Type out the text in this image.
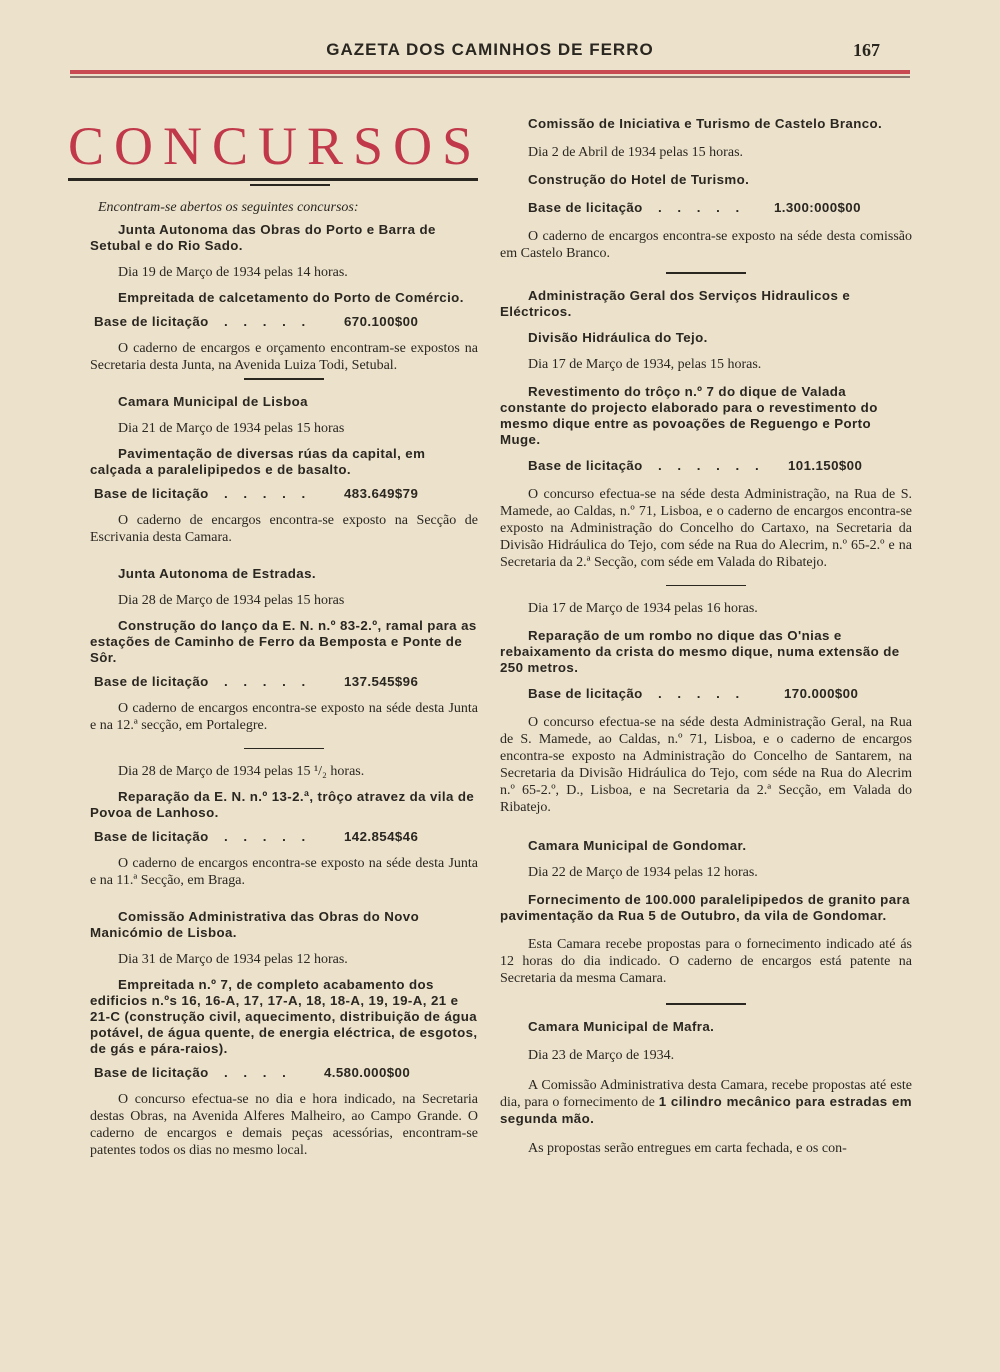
GAZETA DOS CAMINHOS DE FERRO	167
CONCURSOS

Encontram-se abertos os seguintes concursos:

Junta Autonoma das Obras do Porto e Barra de Setubal e do Rio Sado.

Dia 19 de Março de 1934 pelas 14 horas.

Empreitada de calcetamento do Porto de Comércio.

Base de licitação	. . . . .	670.100$00

O caderno de encargos e orçamento encontram-se expostos na Secretaria desta Junta, na Avenida Luiza Todi, Setubal.

Camara Municipal de Lisboa

Dia 21 de Março de 1934 pelas 15 horas

Pavimentação de diversas rúas da capital, em calçada a paralelipipedos e de basalto.

Base de licitação	. . . . .	483.649$79

O caderno de encargos encontra-se exposto na Secção de Escrivania desta Camara.

Junta Autonoma de Estradas.

Dia 28 de Março de 1934 pelas 15 horas

Construção do lanço da E. N. n.º 83-2.º, ramal para as estações de Caminho de Ferro da Bemposta e Ponte de Sôr.

Base de licitação	. . . . .	137.545$96

O caderno de encargos encontra-se exposto na séde desta Junta e na 12.ª secção, em Portalegre.

Dia 28 de Março de 1934 pelas 15 ¹/₂ horas.

Reparação da E. N. n.º 13-2.ª, trôço atravez da vila de Povoa de Lanhoso.

Base de licitação	. . . . .	142.854$46

O caderno de encargos encontra-se exposto na séde desta Junta e na 11.ª Secção, em Braga.

Comissão Administrativa das Obras do Novo Manicómio de Lisboa.

Dia 31 de Março de 1934 pelas 12 horas.

Empreitada n.º 7, de completo acabamento dos edificios n.ºs 16, 16-A, 17, 17-A, 18, 18-A, 19, 19-A, 21 e 21-C (construção civil, aquecimento, distribuição de água potável, de água quente, de energia eléctrica, de esgotos, de gás e pára-raios).

Base de licitação	. . . .	4.580.000$00

O concurso efectua-se no dia e hora indicado, na Secretaria destas Obras, na Avenida Alferes Malheiro, ao Campo Grande. O caderno de encargos e demais peças acessórias, encontram-se patentes todos os dias no mesmo local.

Comissão de Iniciativa e Turismo de Castelo Branco.

Dia 2 de Abril de 1934 pelas 15 horas.

Construção do Hotel de Turismo.

Base de licitação	. . . . .	1.300:000$00

O caderno de encargos encontra-se exposto na séde desta comissão em Castelo Branco.

Administração Geral dos Serviços Hidraulicos e Eléctricos.

Divisão Hidráulica do Tejo.

Dia 17 de Março de 1934, pelas 15 horas.

Revestimento do trôço n.º 7 do dique de Valada constante do projecto elaborado para o revestimento do mesmo dique entre as povoações de Reguengo e Porto Muge.

Base de licitação	. . . . . .	101.150$00

O concurso efectua-se na séde desta Administração, na Rua de S. Mamede, ao Caldas, n.º 71, Lisboa, e o caderno de encargos encontra-se exposto na Administração do Concelho do Cartaxo, na Secretaria da Divisão Hidráulica do Tejo, com séde na Rua do Alecrim, n.º 65-2.º e na Secretaria da 2.ª Secção, com séde em Valada do Ribatejo.

Dia 17 de Março de 1934 pelas 16 horas.

Reparação de um rombo no dique das O'nias e rebaixamento da crista do mesmo dique, numa extensão de 250 metros.

Base de licitação	. . . . .	170.000$00

O concurso efectua-se na séde desta Administração Geral, na Rua de S. Mamede, ao Caldas, n.º 71, Lisboa, e o caderno de encargos encontra-se exposto na Administração do Concelho de Santarem, na Secretaria da Divisão Hidráulica do Tejo, com séde na Rua do Alecrim n.º 65-2.º, D., Lisboa, e na Secretaria da 2.ª Secção, em Valada do Ribatejo.

Camara Municipal de Gondomar.

Dia 22 de Março de 1934 pelas 12 horas.

Fornecimento de 100.000 paralelipipedos de granito para pavimentação da Rua 5 de Outubro, da vila de Gondomar.

Esta Camara recebe propostas para o fornecimento indicado até ás 12 horas do dia indicado. O caderno de encargos está patente na Secretaria da mesma Camara.

Camara Municipal de Mafra.

Dia 23 de Março de 1934.

A Comissão Administrativa desta Camara, recebe propostas até este dia, para o fornecimento de 1 cilindro mecânico para estradas em segunda mão.

As propostas serão entregues em carta fechada, e os con-
